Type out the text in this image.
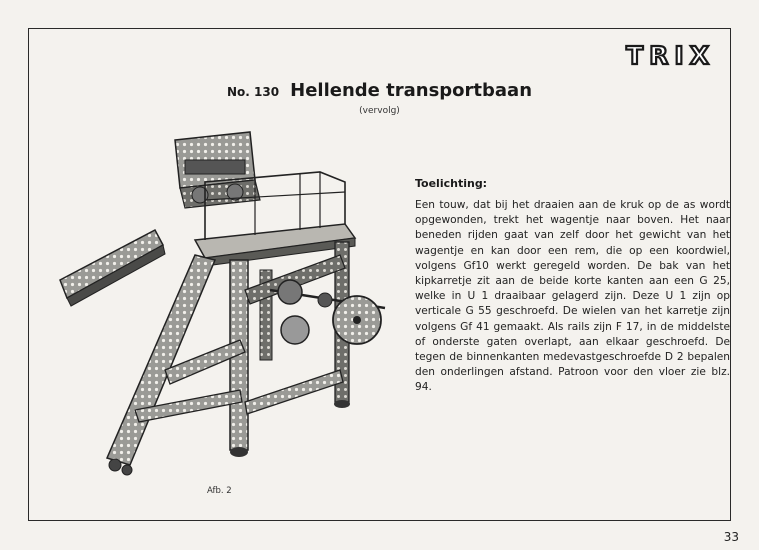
TRIX
No. 130 Hellende transportbaan
(vervolg)
Toelichting:
Een touw, dat bij het draaien aan de kruk op de as wordt opgewonden, trekt het wagentje naar boven. Het naar beneden rijden gaat van zelf door het gewicht van het wagentje en kan door een rem, die op een koordwiel, volgens Gf10 werkt geregeld worden. De bak van het kipkarretje zit aan de beide korte kanten aan een G 25, welke in U 1 draaibaar gelagerd zijn. Deze U 1 zijn op verticale G 55 geschroefd. De wielen van het karretje zijn volgens Gf 41 gemaakt. Als rails zijn F 17, in de middelste of onderste gaten overlapt, aan elkaar geschroefd. De tegen de binnenkanten medevastgeschroefde D 2 bepalen den onderlingen afstand. Patroon voor den vloer zie blz. 94.
Afb. 2
33
